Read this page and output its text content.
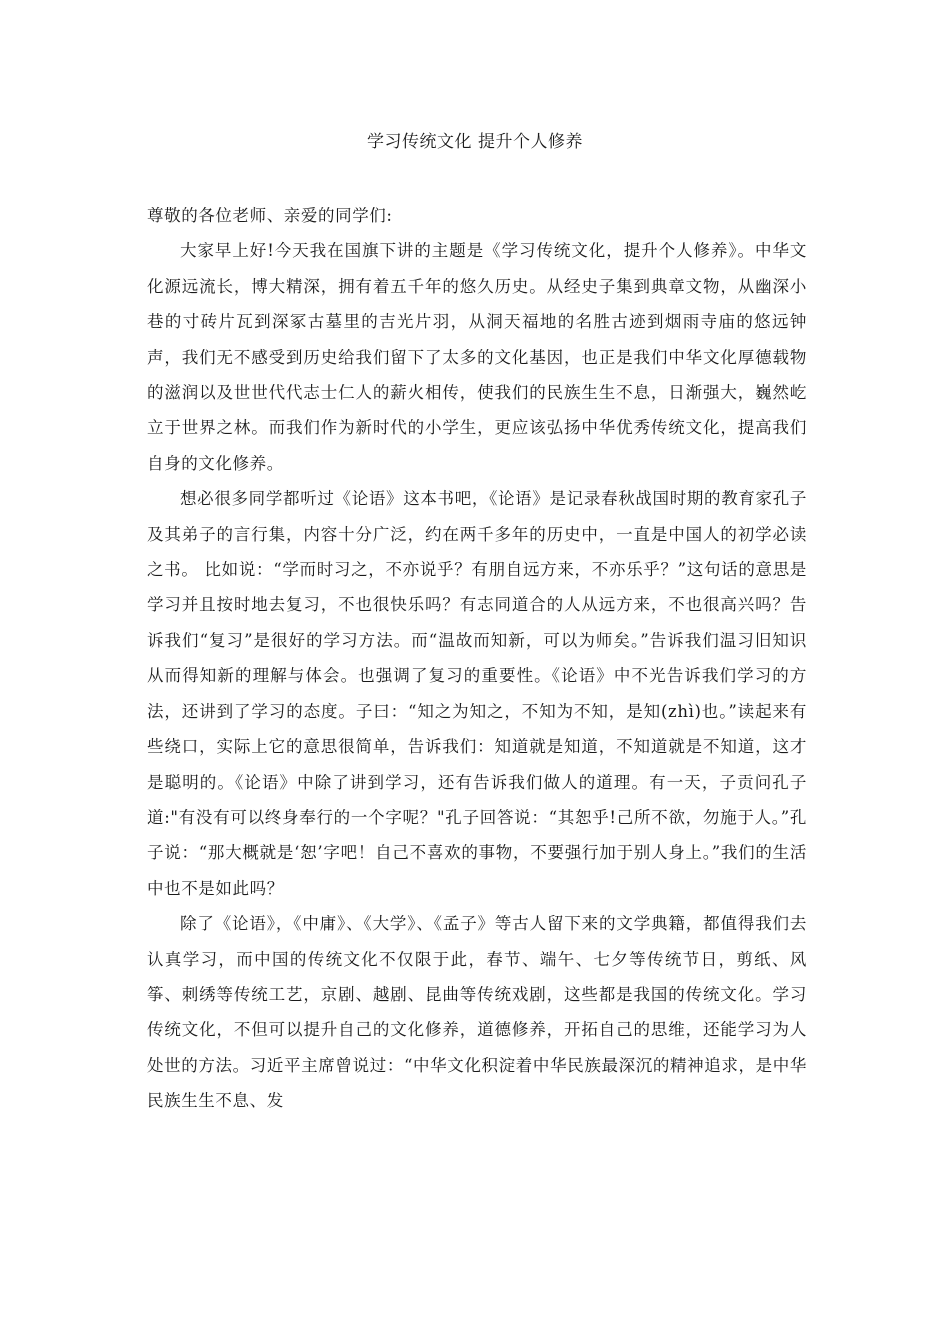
学习传统文化 提升个人修养

尊敬的各位老师、亲爱的同学们:

大家早上好!今天我在国旗下讲的主题是《学习传统文化，提升个人修养》。中华文化源远流长，博大精深，拥有着五千年的悠久历史。从经史子集到典章文物，从幽深小巷的寸砖片瓦到深冢古墓里的吉光片羽，从洞天福地的名胜古迹到烟雨寺庙的悠远钟声，我们无不感受到历史给我们留下了太多的文化基因，也正是我们中华文化厚德载物的滋润以及世世代代志士仁人的薪火相传，使我们的民族生生不息，日渐强大，巍然屹立于世界之林。而我们作为新时代的小学生，更应该弘扬中华优秀传统文化，提高我们自身的文化修养。

想必很多同学都听过《论语》这本书吧，《论语》是记录春秋战国时期的教育家孔子及其弟子的言行集，内容十分广泛，约在两千多年的历史中，一直是中国人的初学必读之书。 比如说：“学而时习之，不亦说乎？有朋自远方来，不亦乐乎？”这句话的意思是学习并且按时地去复习，不也很快乐吗？有志同道合的人从远方来，不也很高兴吗？告诉我们“复习”是很好的学习方法。而“温故而知新，可以为师矣。”告诉我们温习旧知识从而得知新的理解与体会。也强调了复习的重要性。《论语》中不光告诉我们学习的方法，还讲到了学习的态度。子曰：“知之为知之，不知为不知，是知(zhì)也。”读起来有些绕口，实际上它的意思很简单，告诉我们：知道就是知道，不知道就是不知道，这才是聪明的。《论语》中除了讲到学习，还有告诉我们做人的道理。有一天，子贡问孔子道:"有没有可以终身奉行的一个字呢？"孔子回答说：“其恕乎!己所不欲，勿施于人。”孔子说：“那大概就是‘恕’字吧！自己不喜欢的事物，不要强行加于别人身上。”我们的生活中也不是如此吗？

除了《论语》，《中庸》、《大学》、《孟子》等古人留下来的文学典籍，都值得我们去认真学习，而中国的传统文化不仅限于此，春节、端午、七夕等传统节日，剪纸、风筝、刺绣等传统工艺，京剧、越剧、昆曲等传统戏剧，这些都是我国的传统文化。学习传统文化，不但可以提升自己的文化修养，道德修养，开拓自己的思维，还能学习为人处世的方法。习近平主席曾说过：“中华文化积淀着中华民族最深沉的精神追求，是中华民族生生不息、发
